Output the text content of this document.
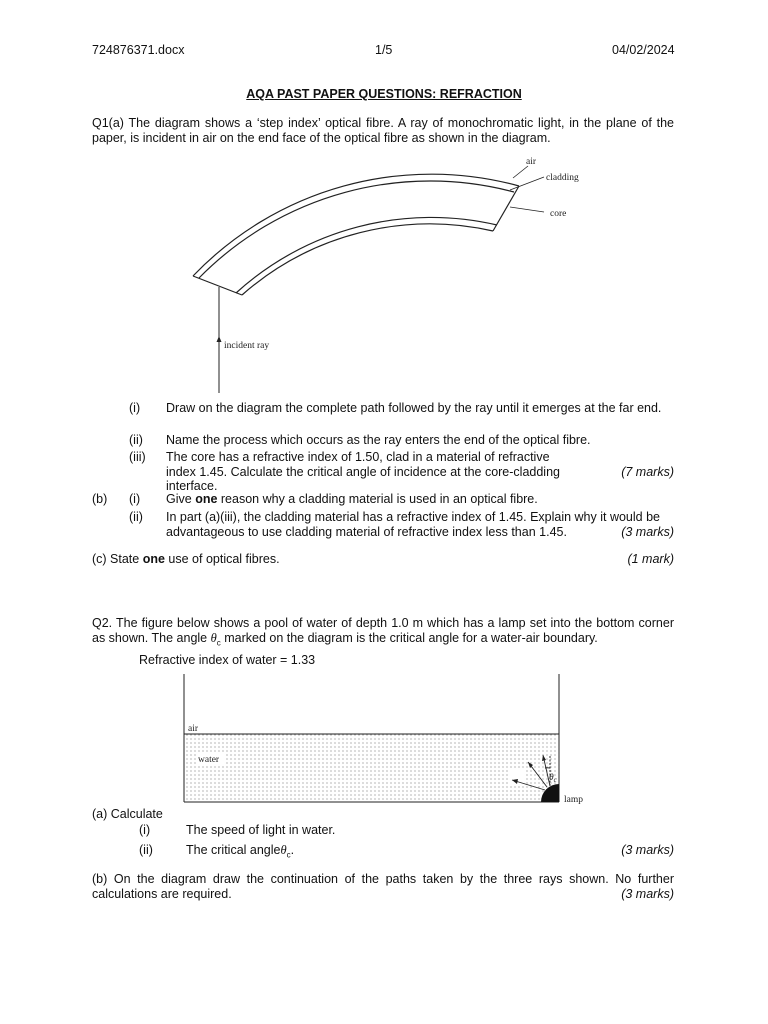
724876371.docx	1/5	04/02/2024
AQA PAST PAPER QUESTIONS: REFRACTION
Q1(a) The diagram shows a ‘step index’ optical fibre. A ray of monochromatic light, in the plane of the paper, is incident in air on the end face of the optical fibre as shown in the diagram.
air
cladding
core
incident ray
(i) Draw on the diagram the complete path followed by the ray until it emerges at the far end.
(ii) Name the process which occurs as the ray enters the end of the optical fibre.
(iii) The core has a refractive index of 1.50, clad in a material of refractive index 1.45. Calculate the critical angle of incidence at the core-cladding interface.
(7 marks)
(b) (i) Give one reason why a cladding material is used in an optical fibre.
(ii) In part (a)(iii), the cladding material has a refractive index of 1.45. Explain why it would be advantageous to use cladding material of refractive index less than 1.45.	(3 marks)
(c) State one use of optical fibres.	(1 mark)
Q2. The figure below shows a pool of water of depth 1.0 m which has a lamp set into the bottom corner as shown. The angle $\theta_c$ marked on the diagram is the critical angle for a water-air boundary.
Refractive index of water = 1.33
air
water
lamp
$\theta_c$
(a) Calculate
(i)	The speed of light in water.
(ii)	The critical angleθ$_c$.	(3 marks)
(b) On the diagram draw the continuation of the paths taken by the three rays shown. No further calculations are required.	(3 marks)
